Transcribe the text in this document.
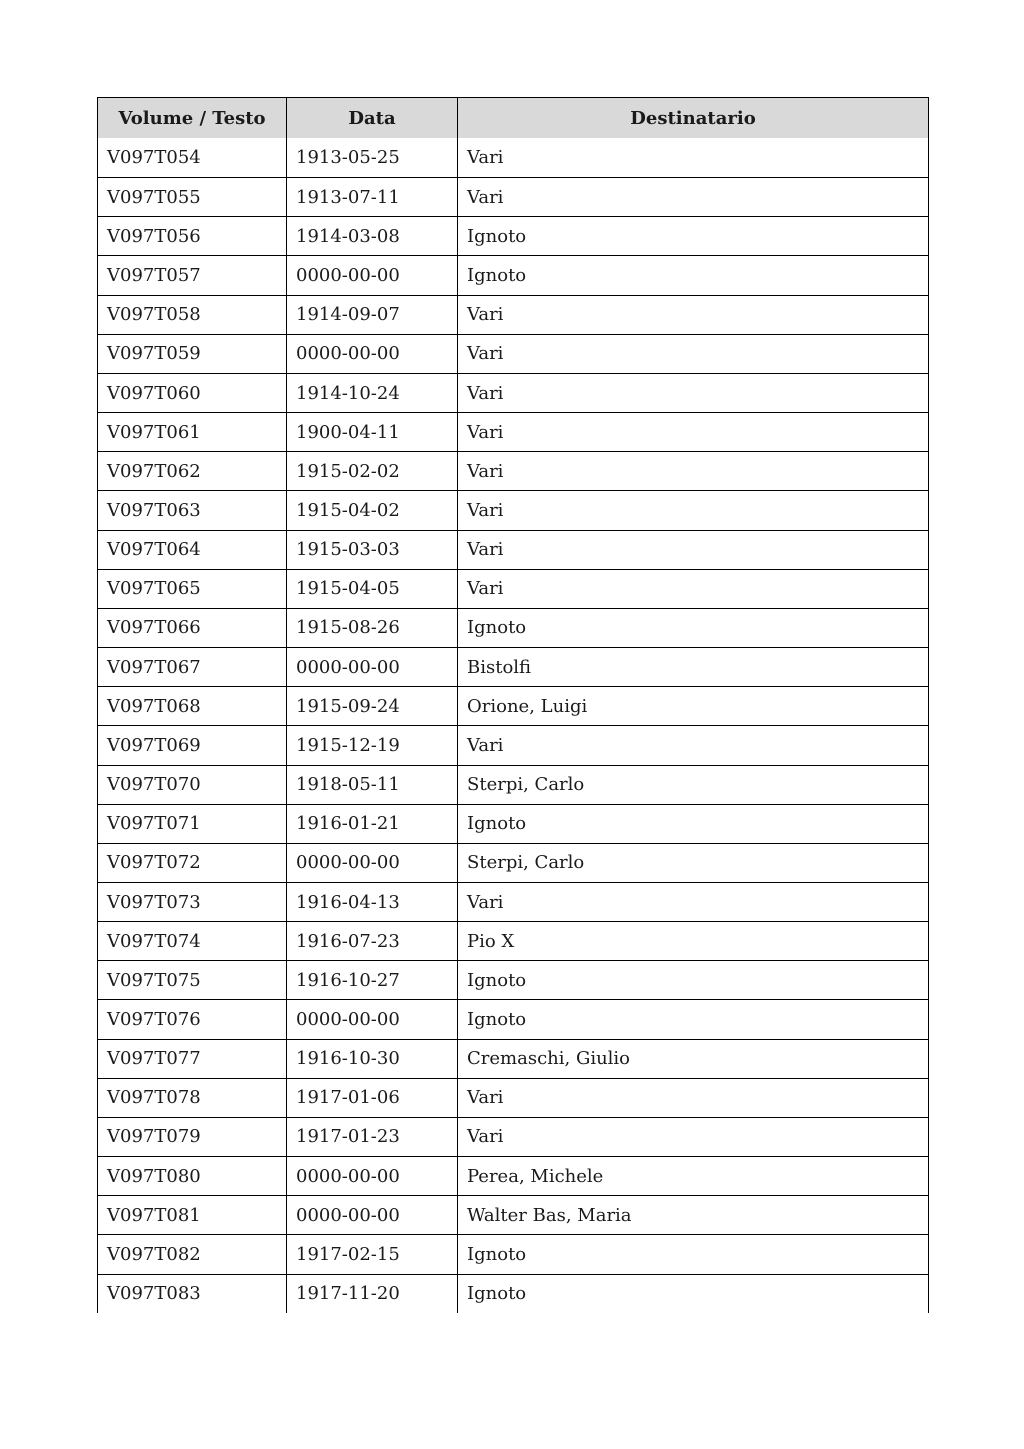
Volume / Testo	Data	Destinatario
V097T054	1913-05-25	Vari
V097T055	1913-07-11	Vari
V097T056	1914-03-08	Ignoto
V097T057	0000-00-00	Ignoto
V097T058	1914-09-07	Vari
V097T059	0000-00-00	Vari
V097T060	1914-10-24	Vari
V097T061	1900-04-11	Vari
V097T062	1915-02-02	Vari
V097T063	1915-04-02	Vari
V097T064	1915-03-03	Vari
V097T065	1915-04-05	Vari
V097T066	1915-08-26	Ignoto
V097T067	0000-00-00	Bistolfi
V097T068	1915-09-24	Orione, Luigi
V097T069	1915-12-19	Vari
V097T070	1918-05-11	Sterpi, Carlo
V097T071	1916-01-21	Ignoto
V097T072	0000-00-00	Sterpi, Carlo
V097T073	1916-04-13	Vari
V097T074	1916-07-23	Pio X
V097T075	1916-10-27	Ignoto
V097T076	0000-00-00	Ignoto
V097T077	1916-10-30	Cremaschi, Giulio
V097T078	1917-01-06	Vari
V097T079	1917-01-23	Vari
V097T080	0000-00-00	Perea, Michele
V097T081	0000-00-00	Walter Bas, Maria
V097T082	1917-02-15	Ignoto
V097T083	1917-11-20	Ignoto
